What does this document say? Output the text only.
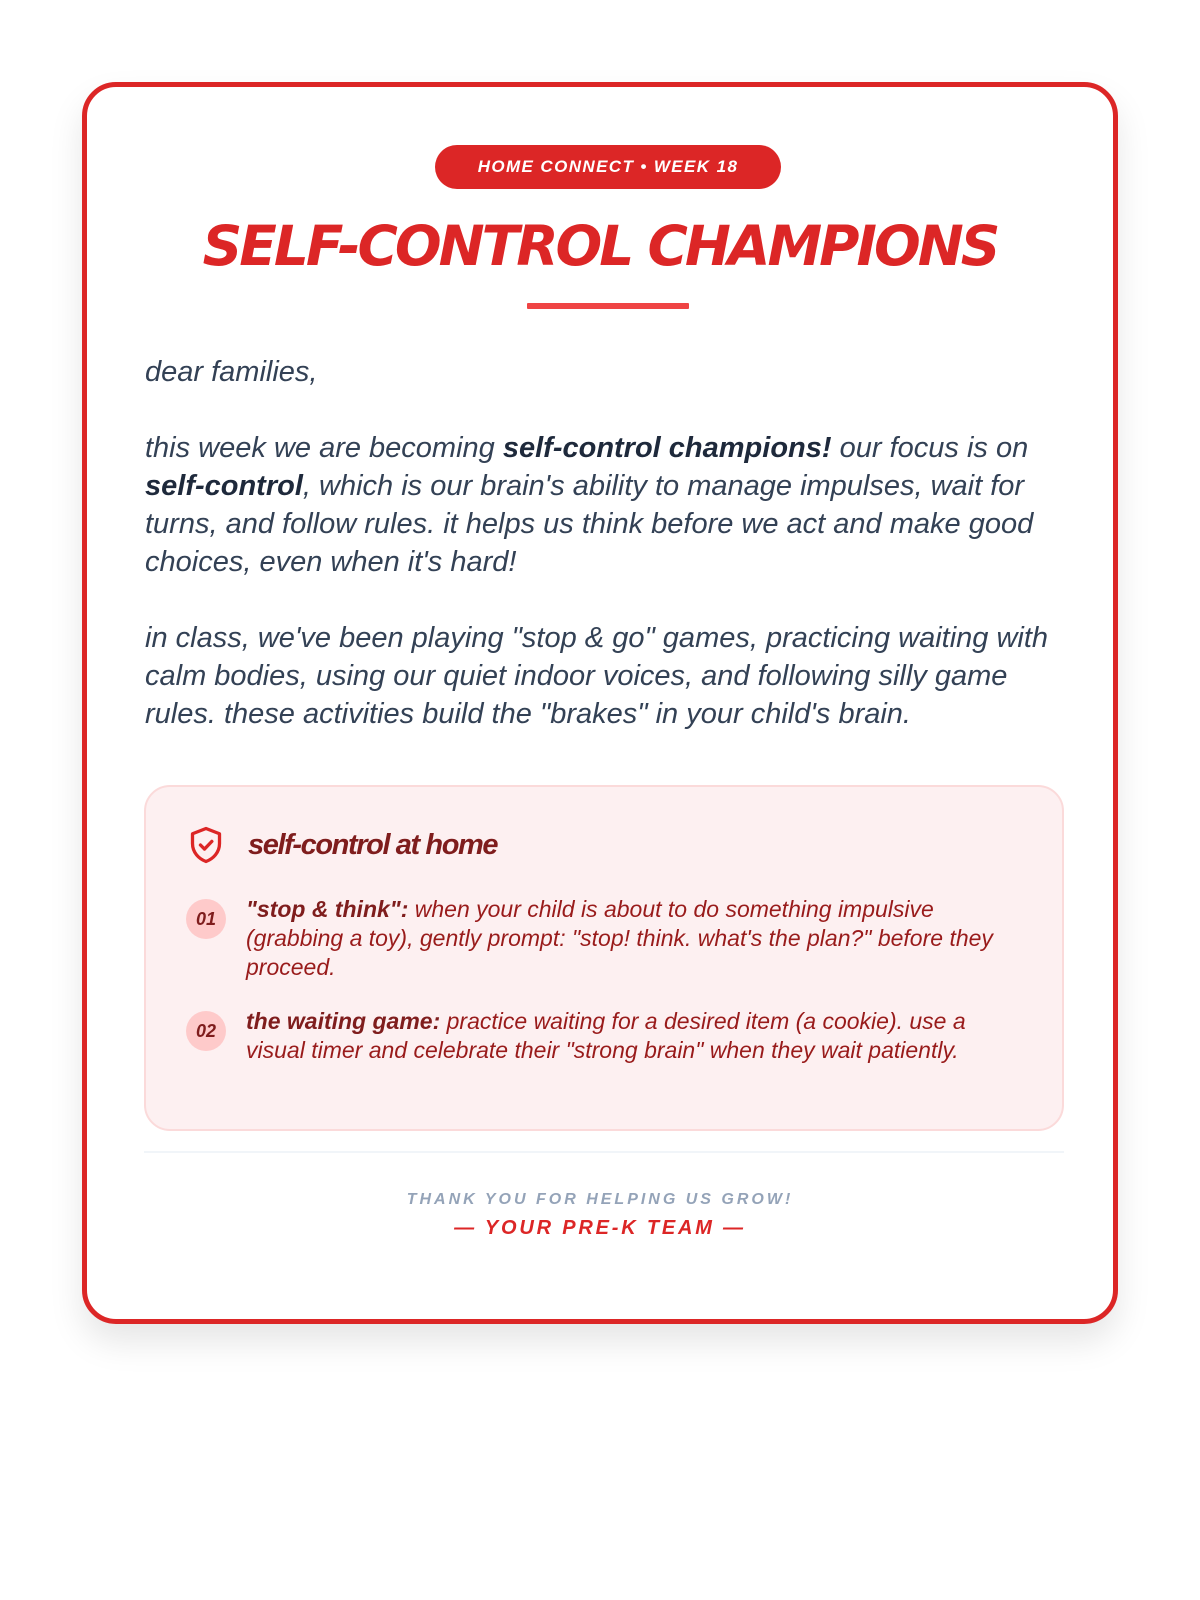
HOME CONNECT • WEEK 18
SELF-CONTROL CHAMPIONS

dear families,

this week we are becoming self-control champions! our focus is on self-control, which is our brain's ability to manage impulses, wait for turns, and follow rules. it helps us think before we act and make good choices, even when it's hard!

in class, we've been playing "stop & go" games, practicing waiting with calm bodies, using our quiet indoor voices, and following silly game rules. these activities build the "brakes" in your child's brain.

self-control at home
01	"stop & think": when your child is about to do something impulsive (grabbing a toy), gently prompt: "stop! think. what's the plan?" before they proceed.
02	the waiting game: practice waiting for a desired item (a cookie). use a visual timer and celebrate their "strong brain" when they wait patiently.
THANK YOU FOR HELPING US GROW!
— YOUR PRE-K TEAM —
